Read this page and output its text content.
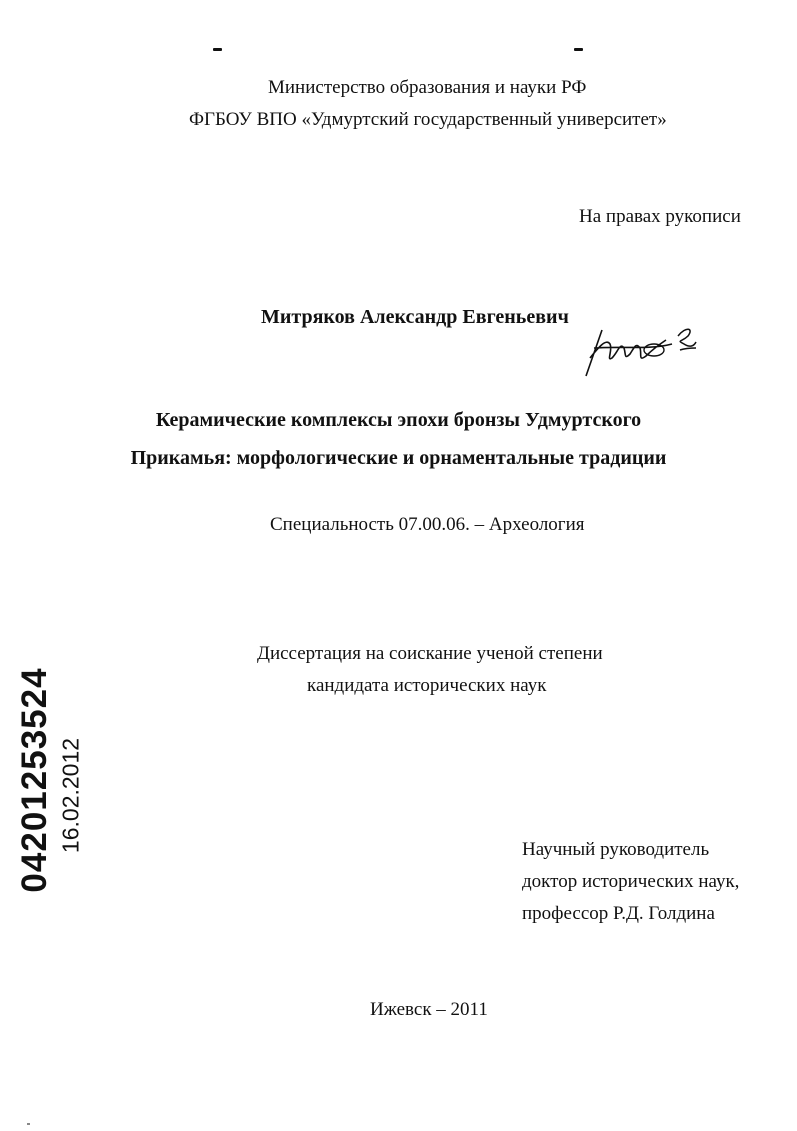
Министерство образования и науки РФ
ФГБОУ ВПО «Удмуртский государственный университет»
На правах рукописи
Митряков Александр Евгеньевич
Керамические комплексы эпохи бронзы Удмуртского
Прикамья: морфологические и орнаментальные традиции
Специальность 07.00.06. – Археология
Диссертация на соискание ученой степени
кандидата исторических наук
Научный руководитель
доктор исторических наук,
профессор Р.Д. Голдина
Ижевск – 2011
04201253524 16.02.2012
